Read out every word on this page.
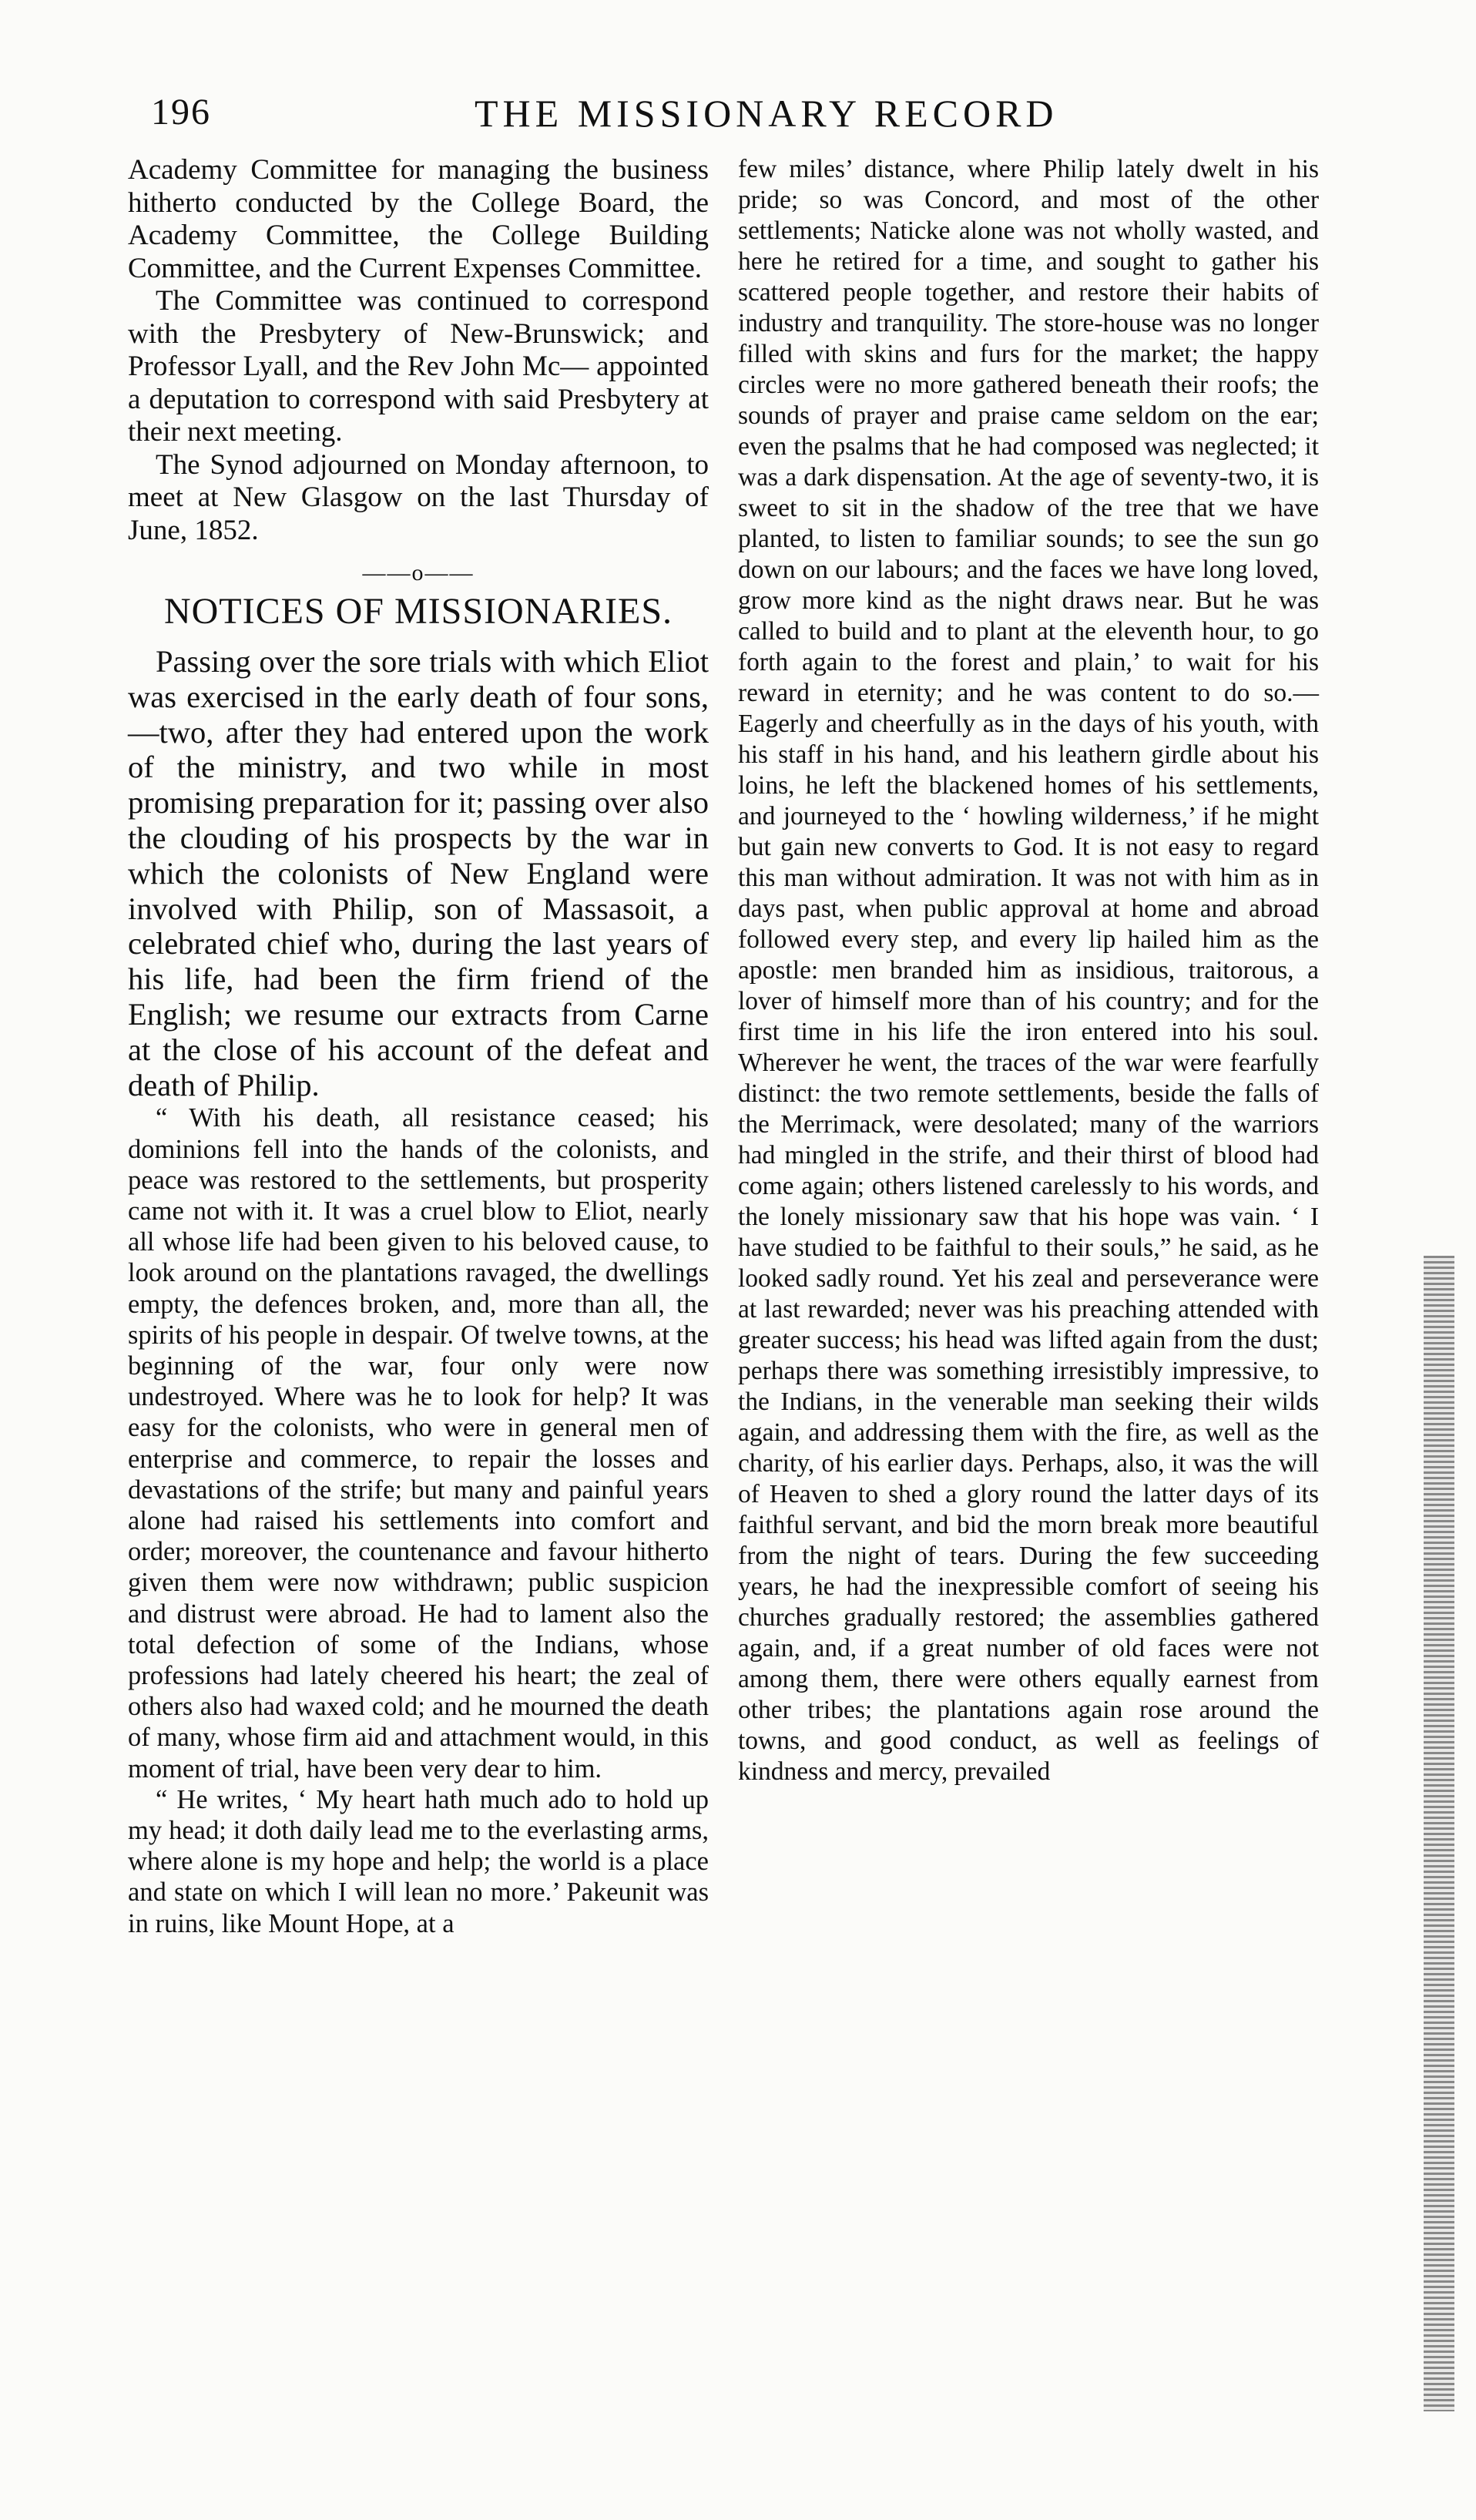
196	THE MISSIONARY RECORD

Academy Committee for managing the business hitherto conducted by the College Board, the Academy Committee, the College Building Committee, and the Current Expenses Committee.

The Committee was continued to correspond with the Presbytery of New-Brunswick; and Professor Lyall, and the Rev John Mc— appointed a deputation to correspond with said Presbytery at their next meeting.

The Synod adjourned on Monday afternoon, to meet at New Glasgow on the last Thursday of June, 1852.

——o——
NOTICES OF MISSIONARIES.

Passing over the sore trials with which Eliot was exercised in the early death of four sons,—two, after they had entered upon the work of the ministry, and two while in most promising preparation for it; passing over also the clouding of his prospects by the war in which the colonists of New England were involved with Philip, son of Massasoit, a celebrated chief who, during the last years of his life, had been the firm friend of the English; we resume our extracts from Carne at the close of his account of the defeat and death of Philip.

“ With his death, all resistance ceased; his dominions fell into the hands of the colonists, and peace was restored to the settlements, but prosperity came not with it. It was a cruel blow to Eliot, nearly all whose life had been given to his beloved cause, to look around on the plantations ravaged, the dwellings empty, the defences broken, and, more than all, the spirits of his people in despair. Of twelve towns, at the beginning of the war, four only were now undestroyed. Where was he to look for help? It was easy for the colonists, who were in general men of enterprise and commerce, to repair the losses and devastations of the strife; but many and painful years alone had raised his settlements into comfort and order; moreover, the countenance and favour hitherto given them were now withdrawn; public suspicion and distrust were abroad. He had to lament also the total defection of some of the Indians, whose professions had lately cheered his heart; the zeal of others also had waxed cold; and he mourned the death of many, whose firm aid and attachment would, in this moment of trial, have been very dear to him.

“ He writes, ‘ My heart hath much ado to hold up my head; it doth daily lead me to the everlasting arms, where alone is my hope and help; the world is a place and state on which I will lean no more.’ Pakeunit was in ruins, like Mount Hope, at a

few miles’ distance, where Philip lately dwelt in his pride; so was Concord, and most of the other settlements; Naticke alone was not wholly wasted, and here he retired for a time, and sought to gather his scattered people together, and restore their habits of industry and tranquility. The store-house was no longer filled with skins and furs for the market; the happy circles were no more gathered beneath their roofs; the sounds of prayer and praise came seldom on the ear; even the psalms that he had composed was neglected; it was a dark dispensation. At the age of seventy-two, it is sweet to sit in the shadow of the tree that we have planted, to listen to familiar sounds; to see the sun go down on our labours; and the faces we have long loved, grow more kind as the night draws near. But he was called to build and to plant at the eleventh hour, to go forth again to the forest and plain,’ to wait for his reward in eternity; and he was content to do so.—Eagerly and cheerfully as in the days of his youth, with his staff in his hand, and his leathern girdle about his loins, he left the blackened homes of his settlements, and journeyed to the ‘ howling wilderness,’ if he might but gain new converts to God. It is not easy to regard this man without admiration. It was not with him as in days past, when public approval at home and abroad followed every step, and every lip hailed him as the apostle: men branded him as insidious, traitorous, a lover of himself more than of his country; and for the first time in his life the iron entered into his soul. Wherever he went, the traces of the war were fearfully distinct: the two remote settlements, beside the falls of the Merrimack, were desolated; many of the warriors had mingled in the strife, and their thirst of blood had come again; others listened carelessly to his words, and the lonely missionary saw that his hope was vain. ‘ I have studied to be faithful to their souls,” he said, as he looked sadly round. Yet his zeal and perseverance were at last rewarded; never was his preaching attended with greater success; his head was lifted again from the dust; perhaps there was something irresistibly impressive, to the Indians, in the venerable man seeking their wilds again, and addressing them with the fire, as well as the charity, of his earlier days. Perhaps, also, it was the will of Heaven to shed a glory round the latter days of its faithful servant, and bid the morn break more beautiful from the night of tears. During the few succeeding years, he had the inexpressible comfort of seeing his churches gradually restored; the assemblies gathered again, and, if a great number of old faces were not among them, there were others equally earnest from other tribes; the plantations again rose around the towns, and good conduct, as well as feelings of kindness and mercy, prevailed
